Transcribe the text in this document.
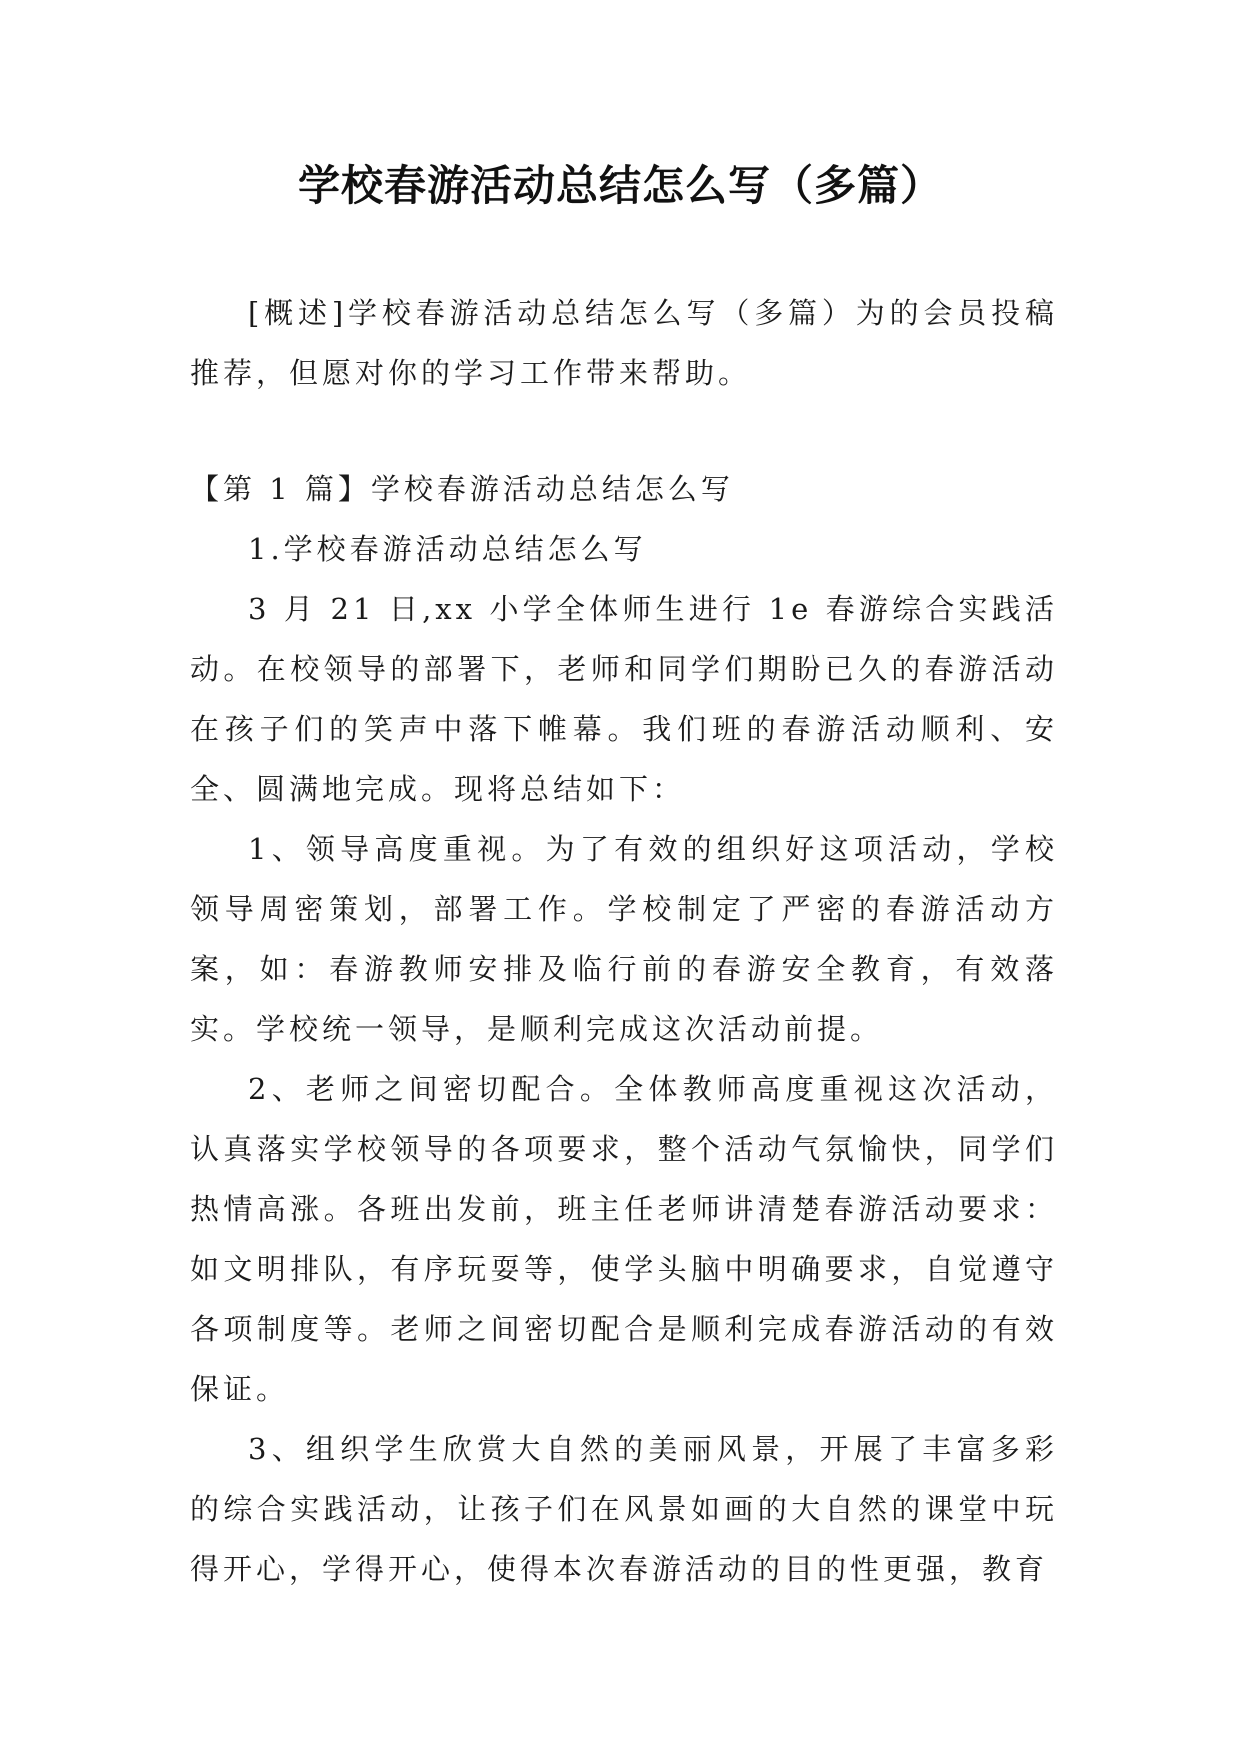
学校春游活动总结怎么写（多篇）

[概述]学校春游活动总结怎么写（多篇）为的会员投稿推荐，但愿对你的学习工作带来帮助。

【第 1 篇】学校春游活动总结怎么写

1.学校春游活动总结怎么写

3 月 21 日,xx 小学全体师生进行 1e 春游综合实践活动。在校领导的部署下，老师和同学们期盼已久的春游活动在孩子们的笑声中落下帷幕。我们班的春游活动顺利、安全、圆满地完成。现将总结如下：

1、领导高度重视。为了有效的组织好这项活动，学校领导周密策划，部署工作。学校制定了严密的春游活动方案，如：春游教师安排及临行前的春游安全教育，有效落实。学校统一领导，是顺利完成这次活动前提。

2、老师之间密切配合。全体教师高度重视这次活动，认真落实学校领导的各项要求，整个活动气氛愉快，同学们热情高涨。各班出发前，班主任老师讲清楚春游活动要求：如文明排队，有序玩耍等，使学头脑中明确要求，自觉遵守各项制度等。老师之间密切配合是顺利完成春游活动的有效保证。

3、组织学生欣赏大自然的美丽风景，开展了丰富多彩的综合实践活动，让孩子们在风景如画的大自然的课堂中玩得开心，学得开心，使得本次春游活动的目的性更强，教育
